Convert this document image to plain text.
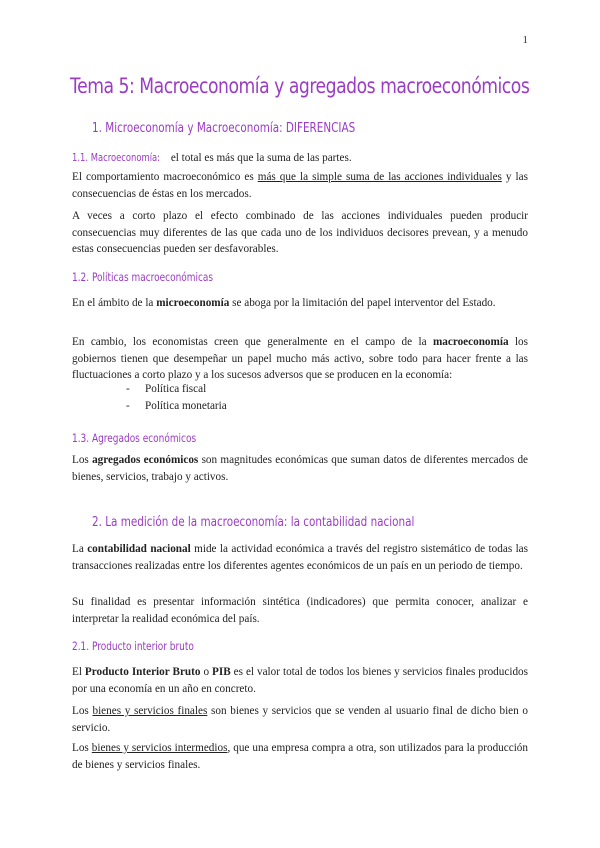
1
Tema 5: Macroeconomía y agregados macroeconómicos
1. Microeconomía y Macroeconomía: DIFERENCIAS

1.1. Macroeconomía: el total es más que la suma de las partes.

El comportamiento macroeconómico es más que la simple suma de las acciones individuales y las consecuencias de éstas en los mercados.

A veces a corto plazo el efecto combinado de las acciones individuales pueden producir consecuencias muy diferentes de las que cada uno de los individuos decisores prevean, y a menudo estas consecuencias pueden ser desfavorables.

1.2. Políticas macroeconómicas

En el ámbito de la microeconomía se aboga por la limitación del papel interventor del Estado.

En cambio, los economistas creen que generalmente en el campo de la macroeconomía los gobiernos tienen que desempeñar un papel mucho más activo, sobre todo para hacer frente a las fluctuaciones a corto plazo y a los sucesos adversos que se producen en la economía:

- Política fiscal
- Política monetaria
1.3. Agregados económicos

Los agregados económicos son magnitudes económicas que suman datos de diferentes mercados de bienes, servicios, trabajo y activos.

2. La medición de la macroeconomía: la contabilidad nacional

La contabilidad nacional mide la actividad económica a través del registro sistemático de todas las transacciones realizadas entre los diferentes agentes económicos de un país en un periodo de tiempo.

Su finalidad es presentar información sintética (indicadores) que permita conocer, analizar e interpretar la realidad económica del país.

2.1. Producto interior bruto

El Producto Interior Bruto o PIB es el valor total de todos los bienes y servicios finales producidos por una economía en un año en concreto.

Los bienes y servicios finales son bienes y servicios que se venden al usuario final de dicho bien o servicio.

Los bienes y servicios intermedios, que una empresa compra a otra, son utilizados para la producción de bienes y servicios finales.
